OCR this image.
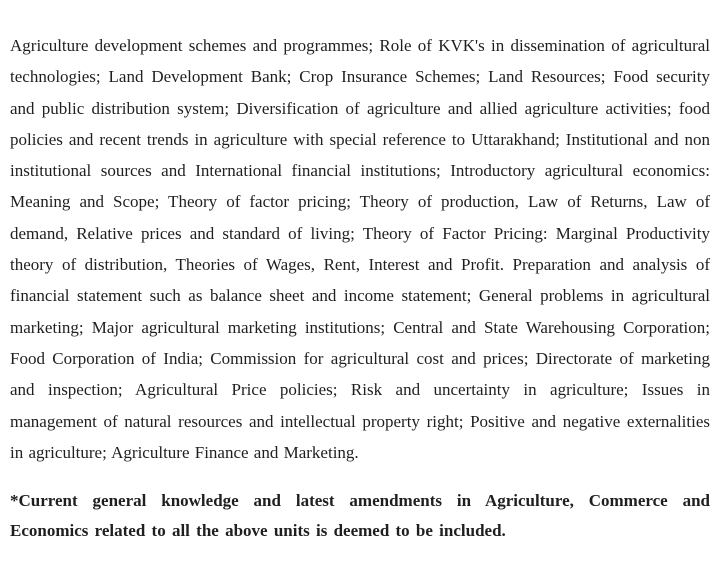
Agriculture development schemes and programmes; Role of KVK's in dissemination of agricultural technologies; Land Development Bank; Crop Insurance Schemes; Land Resources; Food security and public distribution system; Diversification of agriculture and allied agriculture activities; food policies and recent trends in agriculture with special reference to Uttarakhand; Institutional and non institutional sources and International financial institutions; Introductory agricultural economics: Meaning and Scope; Theory of factor pricing; Theory of production, Law of Returns, Law of demand, Relative prices and standard of living; Theory of Factor Pricing: Marginal Productivity theory of distribution, Theories of Wages, Rent, Interest and Profit. Preparation and analysis of financial statement such as balance sheet and income statement; General problems in agricultural marketing; Major agricultural marketing institutions; Central and State Warehousing Corporation; Food Corporation of India; Commission for agricultural cost and prices; Directorate of marketing and inspection; Agricultural Price policies; Risk and uncertainty in agriculture; Issues in management of natural resources and intellectual property right; Positive and negative externalities in agriculture; Agriculture Finance and Marketing.

*Current general knowledge and latest amendments in Agriculture, Commerce and Economics related to all the above units is deemed to be included.
